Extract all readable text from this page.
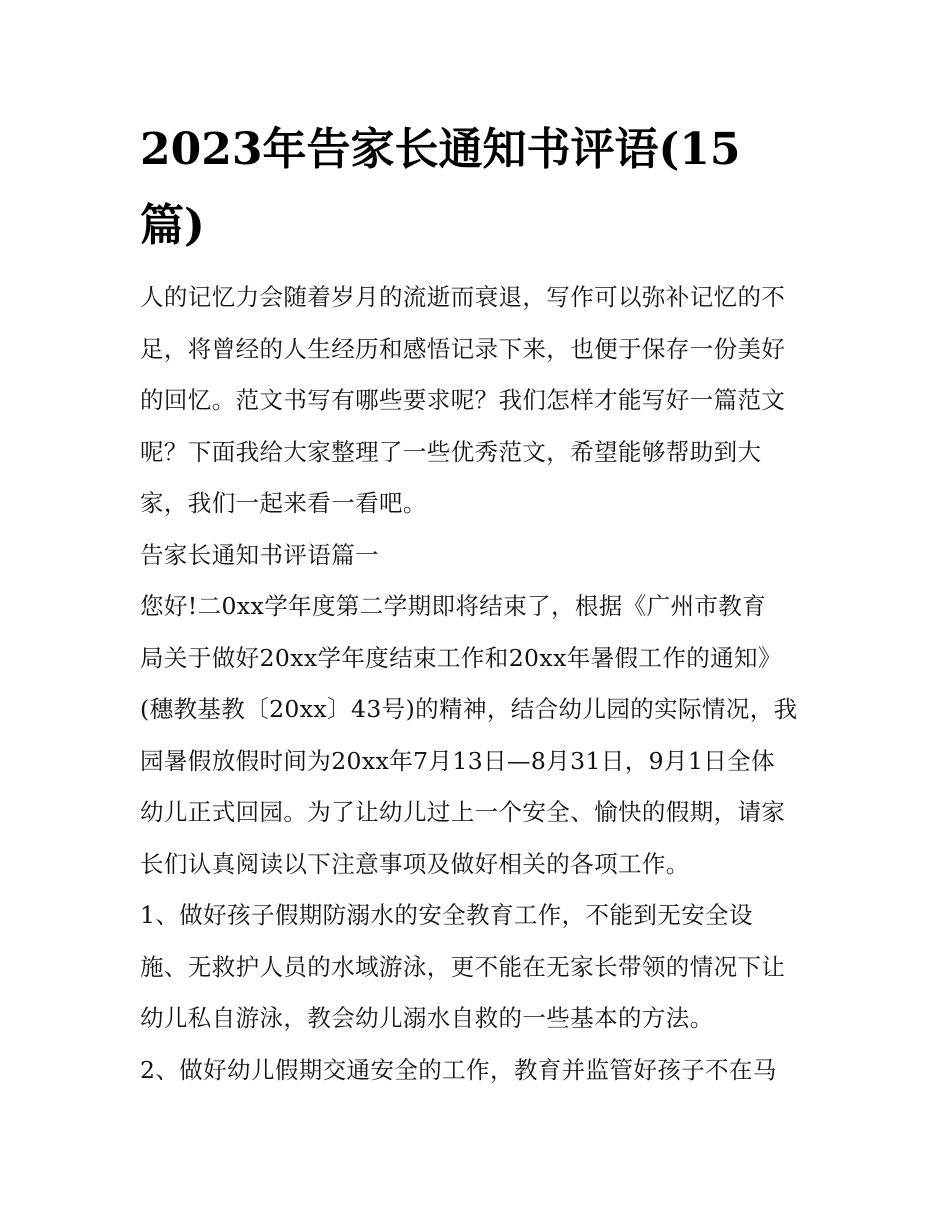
2023年告家长通知书评语(15
篇)

人的记忆力会随着岁月的流逝而衰退，写作可以弥补记忆的不
足，将曾经的人生经历和感悟记录下来，也便于保存一份美好
的回忆。范文书写有哪些要求呢？我们怎样才能写好一篇范文
呢？下面我给大家整理了一些优秀范文，希望能够帮助到大
家，我们一起来看一看吧。

告家长通知书评语篇一

您好!二0xx学年度第二学期即将结束了，根据《广州市教育
局关于做好20xx学年度结束工作和20xx年暑假工作的通知》
(穗教基教〔20xx〕43号)的精神，结合幼儿园的实际情况，我
园暑假放假时间为20xx年7月13日—8月31日，9月1日全体
幼儿正式回园。为了让幼儿过上一个安全、愉快的假期，请家
长们认真阅读以下注意事项及做好相关的各项工作。

1、做好孩子假期防溺水的安全教育工作，不能到无安全设
施、无救护人员的水域游泳，更不能在无家长带领的情况下让
幼儿私自游泳，教会幼儿溺水自救的一些基本的方法。

2、做好幼儿假期交通安全的工作，教育并监管好孩子不在马
